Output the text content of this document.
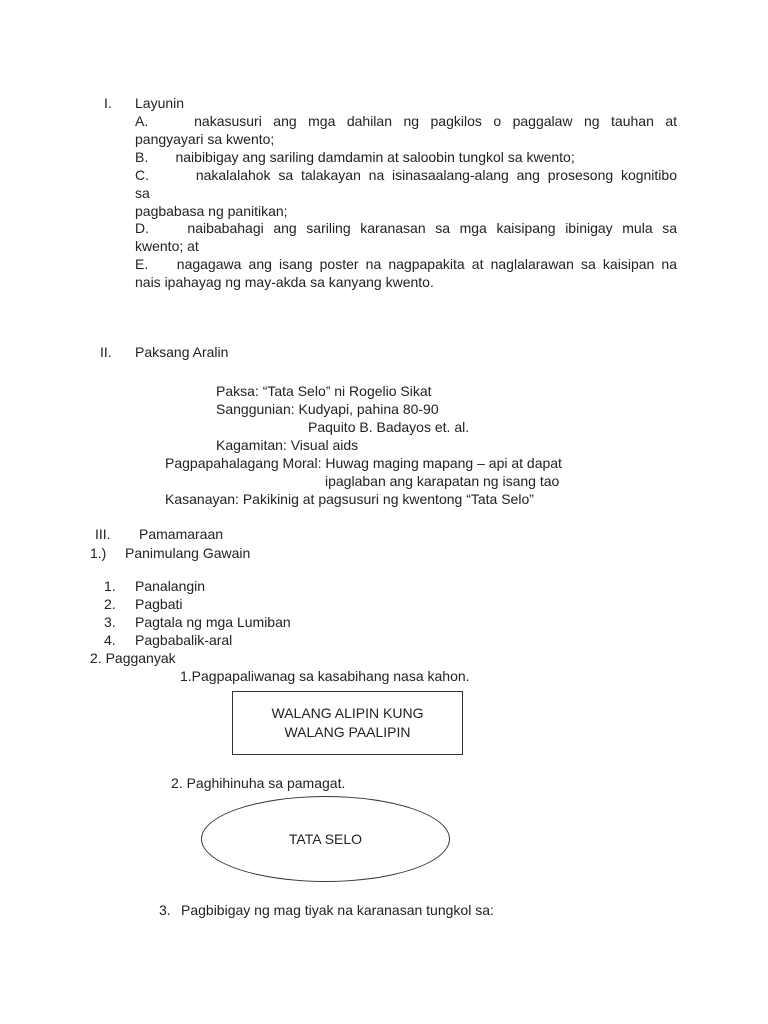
I. Layunin
A.	nakasusuri ang mga dahilan ng pagkilos o paggalaw ng tauhan at
pangyayari sa kwento;
B. naibibigay ang sariling damdamin at saloobin tungkol sa kwento;
C.	nakalalahok sa talakayan na isinasaalang-alang ang prosesong kognitibo
sa
pagbabasa ng panitikan;
D.	naibabahagi ang sariling karanasan sa mga kaisipang ibinigay mula sa
kwento; at
E. nagagawa ang isang poster na nagpapakita at naglalarawan sa kaisipan na
nais ipahayag ng may-akda sa kanyang kwento.
II. Paksang Aralin
Paksa: “Tata Selo” ni Rogelio Sikat
Sanggunian: Kudyapi, pahina 80-90
Paquito B. Badayos et. al.
Kagamitan: Visual aids
Pagpapahalagang Moral: Huwag maging mapang – api at dapat
ipaglaban ang karapatan ng isang tao
Kasanayan: Pakikinig at pagsusuri ng kwentong “Tata Selo”
III. Pamamaraan
1.) Panimulang Gawain
1. Panalangin
2. Pagbati
3. Pagtala ng mga Lumiban
4. Pagbabalik-aral
2. Pagganyak
1.Pagpapaliwanag sa kasabihang nasa kahon.
WALANG ALIPIN KUNG
WALANG PAALIPIN
2. Paghihinuha sa pamagat.
TATA SELO
3. Pagbibigay ng mag tiyak na karanasan tungkol sa:
